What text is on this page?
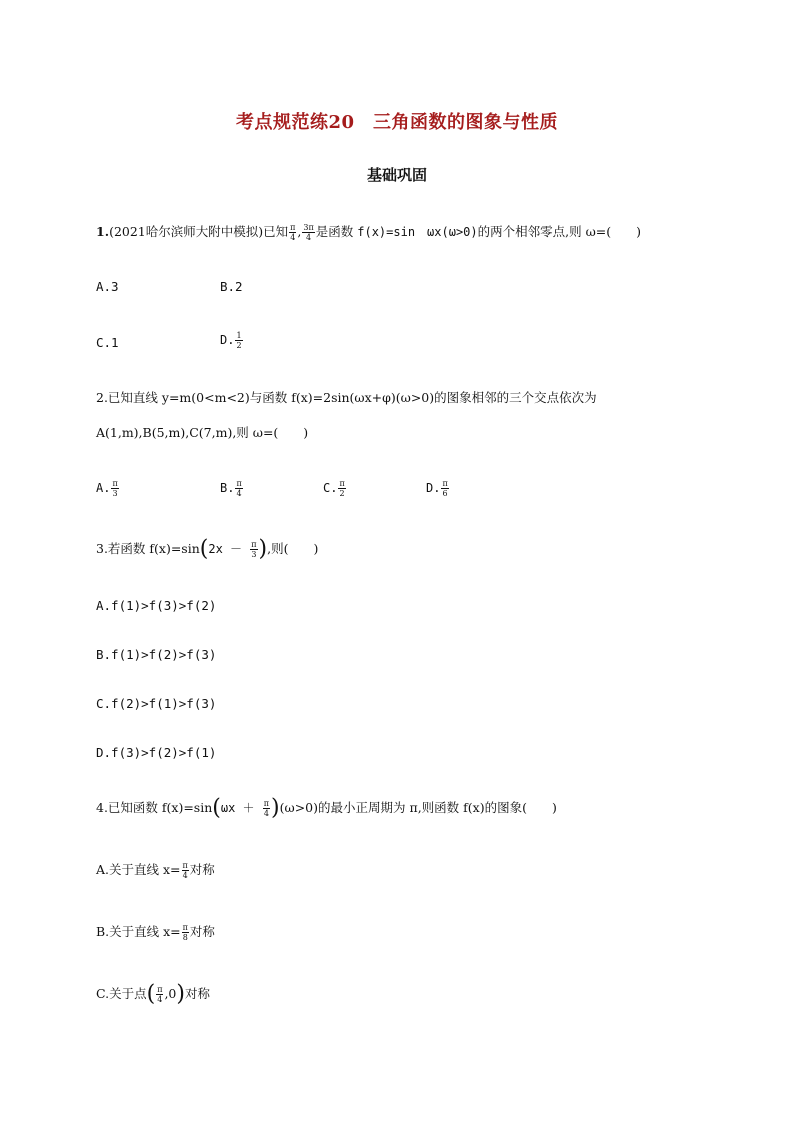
考点规范练20　三角函数的图象与性质
基础巩固
1.(2021哈尔滨师大附中模拟)已知 $\frac{\pi}{4}$ , $\frac{3\pi}{4}$ 是函数 f(x)=sin　ωx(ω>0)的两个相邻零点,则 ω=(　　)
A.3	B.2
C.1	D. $\frac{1}{2}$
2.已知直线 y=m(0<m<2)与函数 f(x)=2sin(ωx+φ)(ω>0)的图象相邻的三个交点依次为
A(1,m),B(5,m),C(7,m),则 ω=(　　)
A. $\frac{\pi}{3}$	B. $\frac{\pi}{4}$	C. $\frac{\pi}{2}$	D. $\frac{\pi}{6}$
3.若函数 $f(x)=\sin(2x - \frac{\pi}{3}$ ),则(　　)
A.f(1)>f(3)>f(2)
B.f(1)>f(2)>f(3)
C.f(2)>f(1)>f(3)
D.f(3)>f(2)>f(1)
4.已知函数 $f(x)=\sin(\omega x + \frac{\pi}{4} )(\omega>0)$的最小正周期为 π,则函数 f(x)的图象(　　)
A.关于直线 $x= \frac{\pi}{4}$ 对称
B.关于直线 $x= \frac{\pi}{8}$ 对称
C.关于点( $\frac{\pi}{4} ,0$)对称
